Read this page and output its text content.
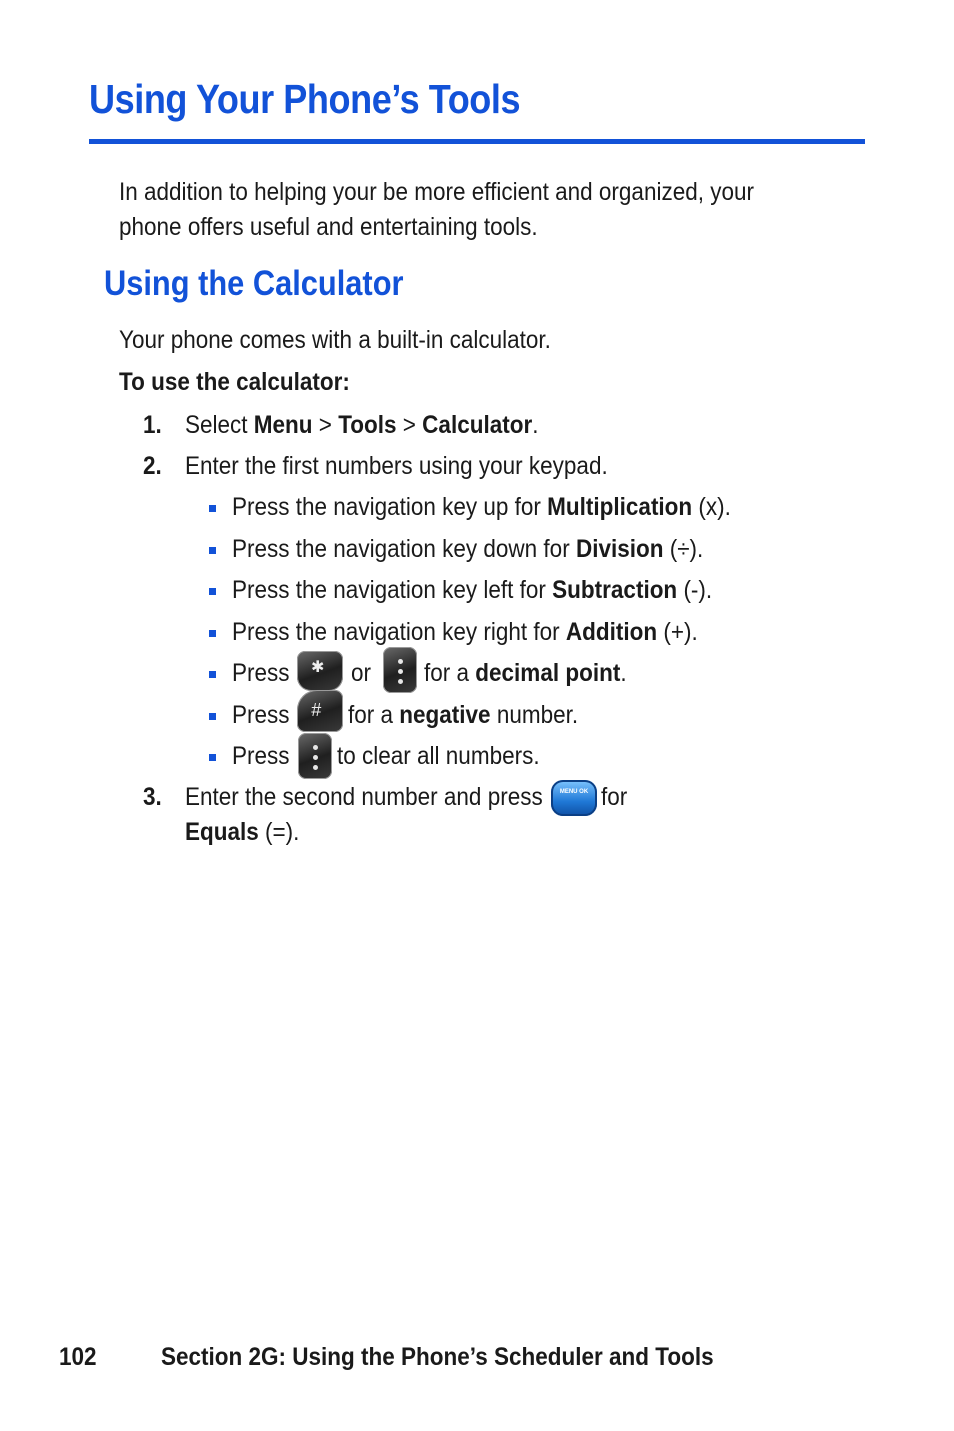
Using Your Phone’s Tools

In addition to helping your be more efficient and organized, your phone offers useful and entertaining tools.

Using the Calculator

Your phone comes with a built-in calculator.

To use the calculator:

1. Select Menu > Tools > Calculator.

2. Enter the first numbers using your keypad.

Press the navigation key up for Multiplication (x).

Press the navigation key down for Division (÷).

Press the navigation key left for Subtraction (-).

Press the navigation key right for Addition (+).

Press ✱ or for a decimal point.

Press # for a negative number.

Press to clear all numbers.

3. Enter the second number and press MENU OK for

Equals (=).

102	Section 2G: Using the Phone’s Scheduler and Tools
